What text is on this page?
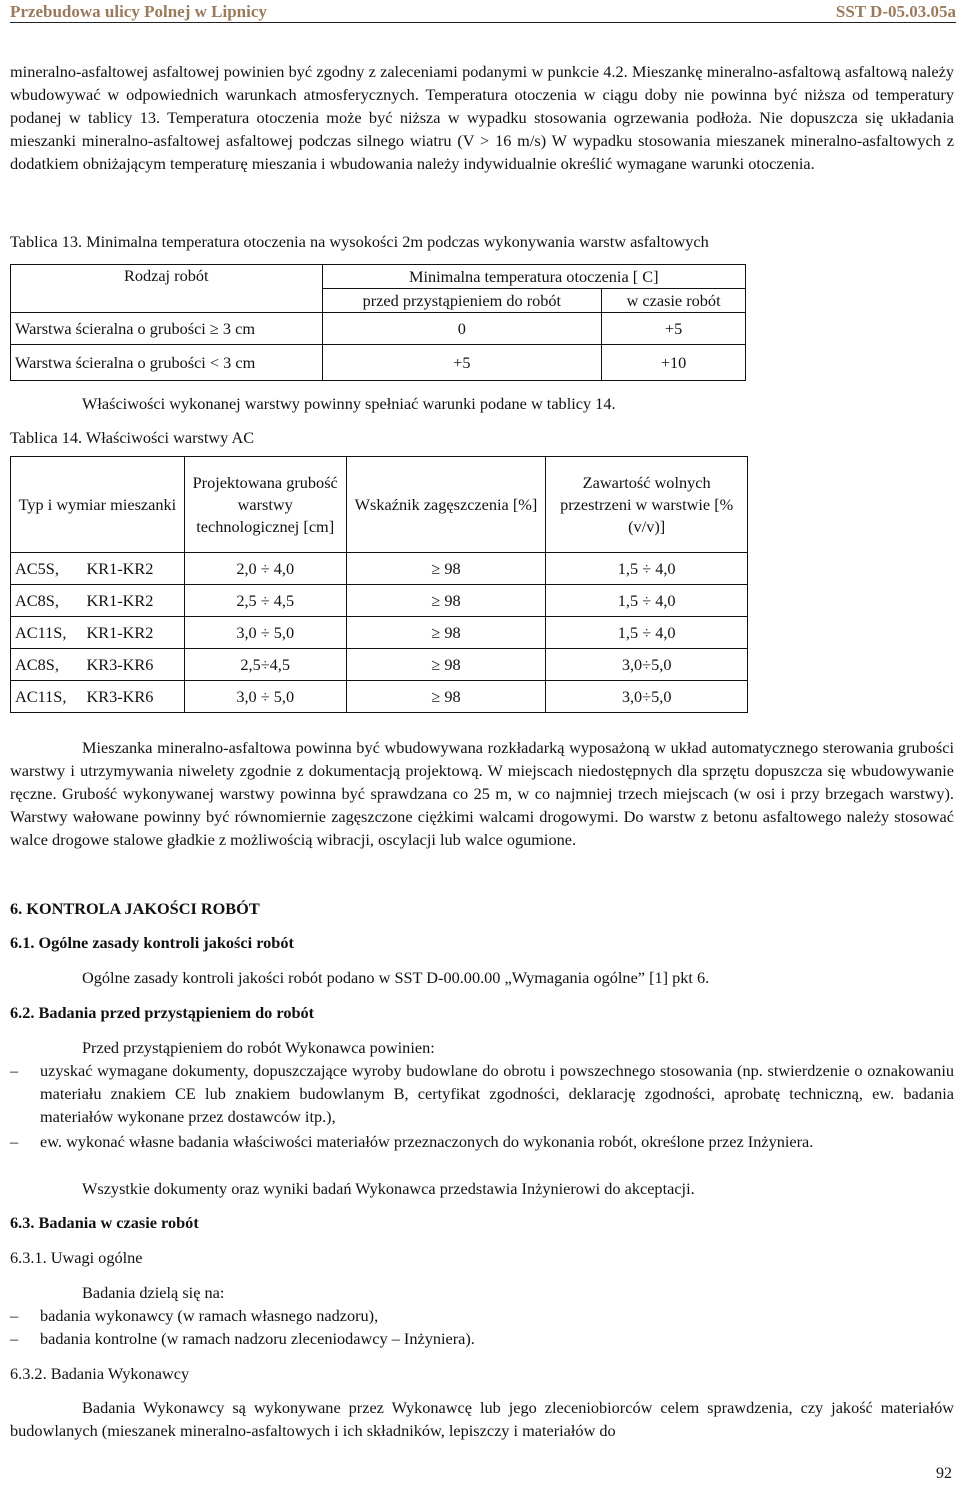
Przebudowa ulicy Polnej w Lipnicy	SST D-05.03.05a

mineralno-asfaltowej asfaltowej powinien być zgodny z zaleceniami podanymi w punkcie 4.2. Mieszankę mineralno-asfaltową asfaltową należy wbudowywać w odpowiednich warunkach atmosferycznych. Temperatura otoczenia w ciągu doby nie powinna być niższa od temperatury podanej w tablicy 13. Temperatura otoczenia może być niższa w wypadku stosowania ogrzewania podłoża. Nie dopuszcza się układania mieszanki mineralno-asfaltowej asfaltowej podczas silnego wiatru (V > 16 m/s) W wypadku stosowania mieszanek mineralno-asfaltowych z dodatkiem obniżającym temperaturę mieszania i wbudowania należy indywidualnie określić wymagane warunki otoczenia.

Tablica 13. Minimalna temperatura otoczenia na wysokości 2m podczas wykonywania warstw asfaltowych

Rodzaj robót	Minimalna temperatura otoczenia [ C]	
	przed przystąpieniem do robót	w czasie robót
Warstwa ścieralna o grubości ≥ 3 cm	0	+5
Warstwa ścieralna o grubości < 3 cm	+5	+10

Właściwości wykonanej warstwy powinny spełniać warunki podane w tablicy 14.

Tablica 14. Właściwości warstwy AC

Typ i wymiar mieszanki		Projektowana grubość warstwy technologicznej [cm]	Wskaźnik zagęszczenia [%]	Zawartość wolnych przestrzeni w warstwie [%(v/v)]
AC5S,	KR1-KR2	2,0 ÷ 4,0	≥ 98	1,5 ÷ 4,0
AC8S,	KR1-KR2	2,5 ÷ 4,5	≥ 98	1,5 ÷ 4,0
AC11S,	KR1-KR2	3,0 ÷ 5,0	≥ 98	1,5 ÷ 4,0
AC8S,	KR3-KR6	2,5÷4,5	≥ 98	3,0÷5,0
AC11S,	KR3-KR6	3,0 ÷ 5,0	≥ 98	3,0÷5,0

Mieszanka mineralno-asfaltowa powinna być wbudowywana rozkładarką wyposażoną w układ automatycznego sterowania grubości warstwy i utrzymywania niwelety zgodnie z dokumentacją projektową. W miejscach niedostępnych dla sprzętu dopuszcza się wbudowywanie ręczne. Grubość wykonywanej warstwy powinna być sprawdzana co 25 m, w co najmniej trzech miejscach (w osi i przy brzegach warstwy). Warstwy wałowane powinny być równomiernie zagęszczone ciężkimi walcami drogowymi. Do warstw z betonu asfaltowego należy stosować walce drogowe stalowe gładkie z możliwością wibracji, oscylacji lub walce ogumione.

6. KONTROLA JAKOŚCI ROBÓT

6.1. Ogólne zasady kontroli jakości robót

Ogólne zasady kontroli jakości robót podano w SST D-00.00.00 „Wymagania ogólne” [1] pkt 6.

6.2. Badania przed przystąpieniem do robót

Przed przystąpieniem do robót Wykonawca powinien:

–	uzyskać wymagane dokumenty, dopuszczające wyroby budowlane do obrotu i powszechnego stosowania (np. stwierdzenie o oznakowaniu materiału znakiem CE lub znakiem budowlanym B, certyfikat zgodności, deklarację zgodności, aprobatę techniczną, ew. badania materiałów wykonane przez dostawców itp.),
–	ew. wykonać własne badania właściwości materiałów przeznaczonych do wykonania robót, określone przez Inżyniera.

Wszystkie dokumenty oraz wyniki badań Wykonawca przedstawia Inżynierowi do akceptacji.

6.3. Badania w czasie robót

6.3.1. Uwagi ogólne

Badania dzielą się na:

–	badania wykonawcy (w ramach własnego nadzoru),
–	badania kontrolne (w ramach nadzoru zleceniodawcy – Inżyniera).

6.3.2. Badania Wykonawcy

Badania Wykonawcy są wykonywane przez Wykonawcę lub jego zleceniobiorców celem sprawdzenia, czy jakość materiałów budowlanych (mieszanek mineralno-asfaltowych i ich składników, lepiszczy i materiałów do

92
